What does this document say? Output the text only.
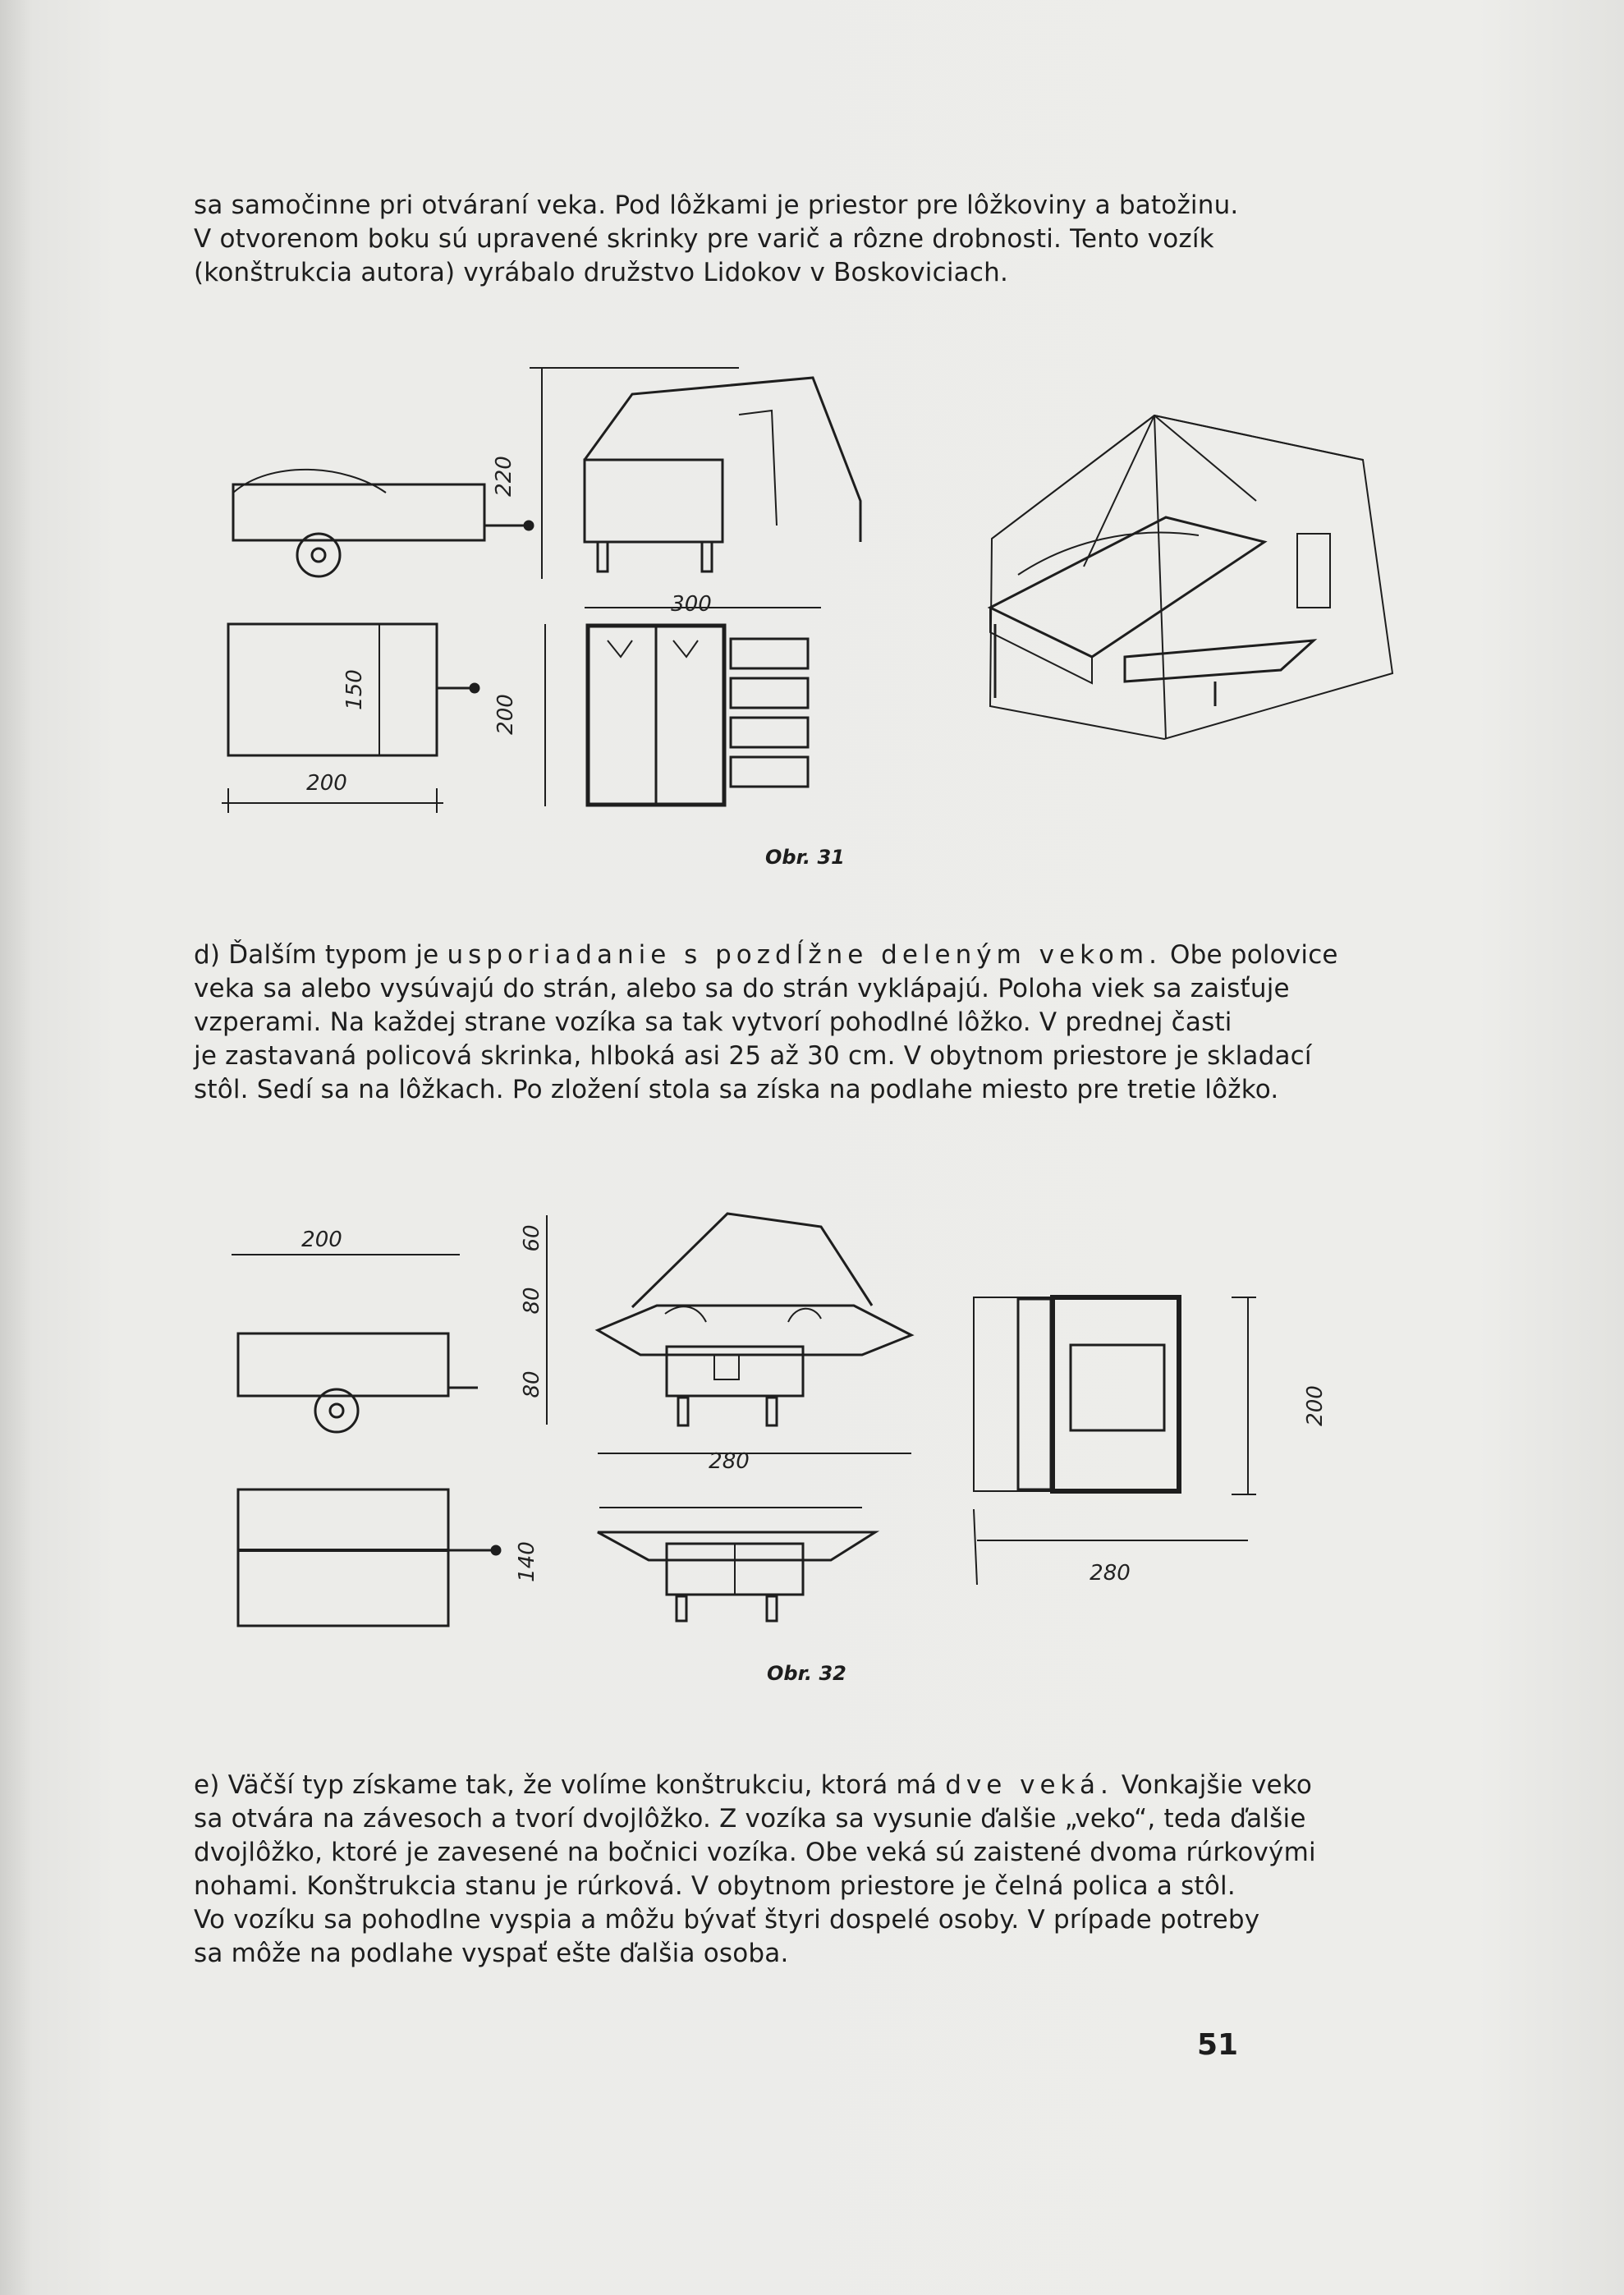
sa samočinne pri otváraní veka. Pod lôžkami je priestor pre lôžkoviny a batožinu.
V otvorenom boku sú upravené skrinky pre varič a rôzne drobnosti. Tento vozík
(konštrukcia autora) vyrábalo družstvo Lidokov v Boskoviciach.

220
150
200
300
200
200	60
80
80
280
140
200
280
Obr. 31

d) Ďalším typom je usporiadanie s pozdĺžne deleným vekom. Obe polovice
veka sa alebo vysúvajú do strán, alebo sa do strán vyklápajú. Poloha viek sa zaisťuje
vzperami. Na každej strane vozíka sa tak vytvorí pohodlné lôžko. V prednej časti
je zastavaná policová skrinka, hlboká asi 25 až 30 cm. V obytnom priestore je skladací
stôl. Sedí sa na lôžkach. Po zložení stola sa získa na podlahe miesto pre tretie lôžko.

Obr. 32

e) Väčší typ získame tak, že volíme konštrukciu, ktorá má dve veká. Vonkajšie veko
sa otvára na závesoch a tvorí dvojlôžko. Z vozíka sa vysunie ďalšie „veko“, teda ďalšie
dvojlôžko, ktoré je zavesené na bočnici vozíka. Obe veká sú zaistené dvoma rúrkovými
nohami. Konštrukcia stanu je rúrková. V obytnom priestore je čelná polica a stôl.
Vo vozíku sa pohodlne vyspia a môžu bývať štyri dospelé osoby. V prípade potreby
sa môže na podlahe vyspať ešte ďalšia osoba.

51
